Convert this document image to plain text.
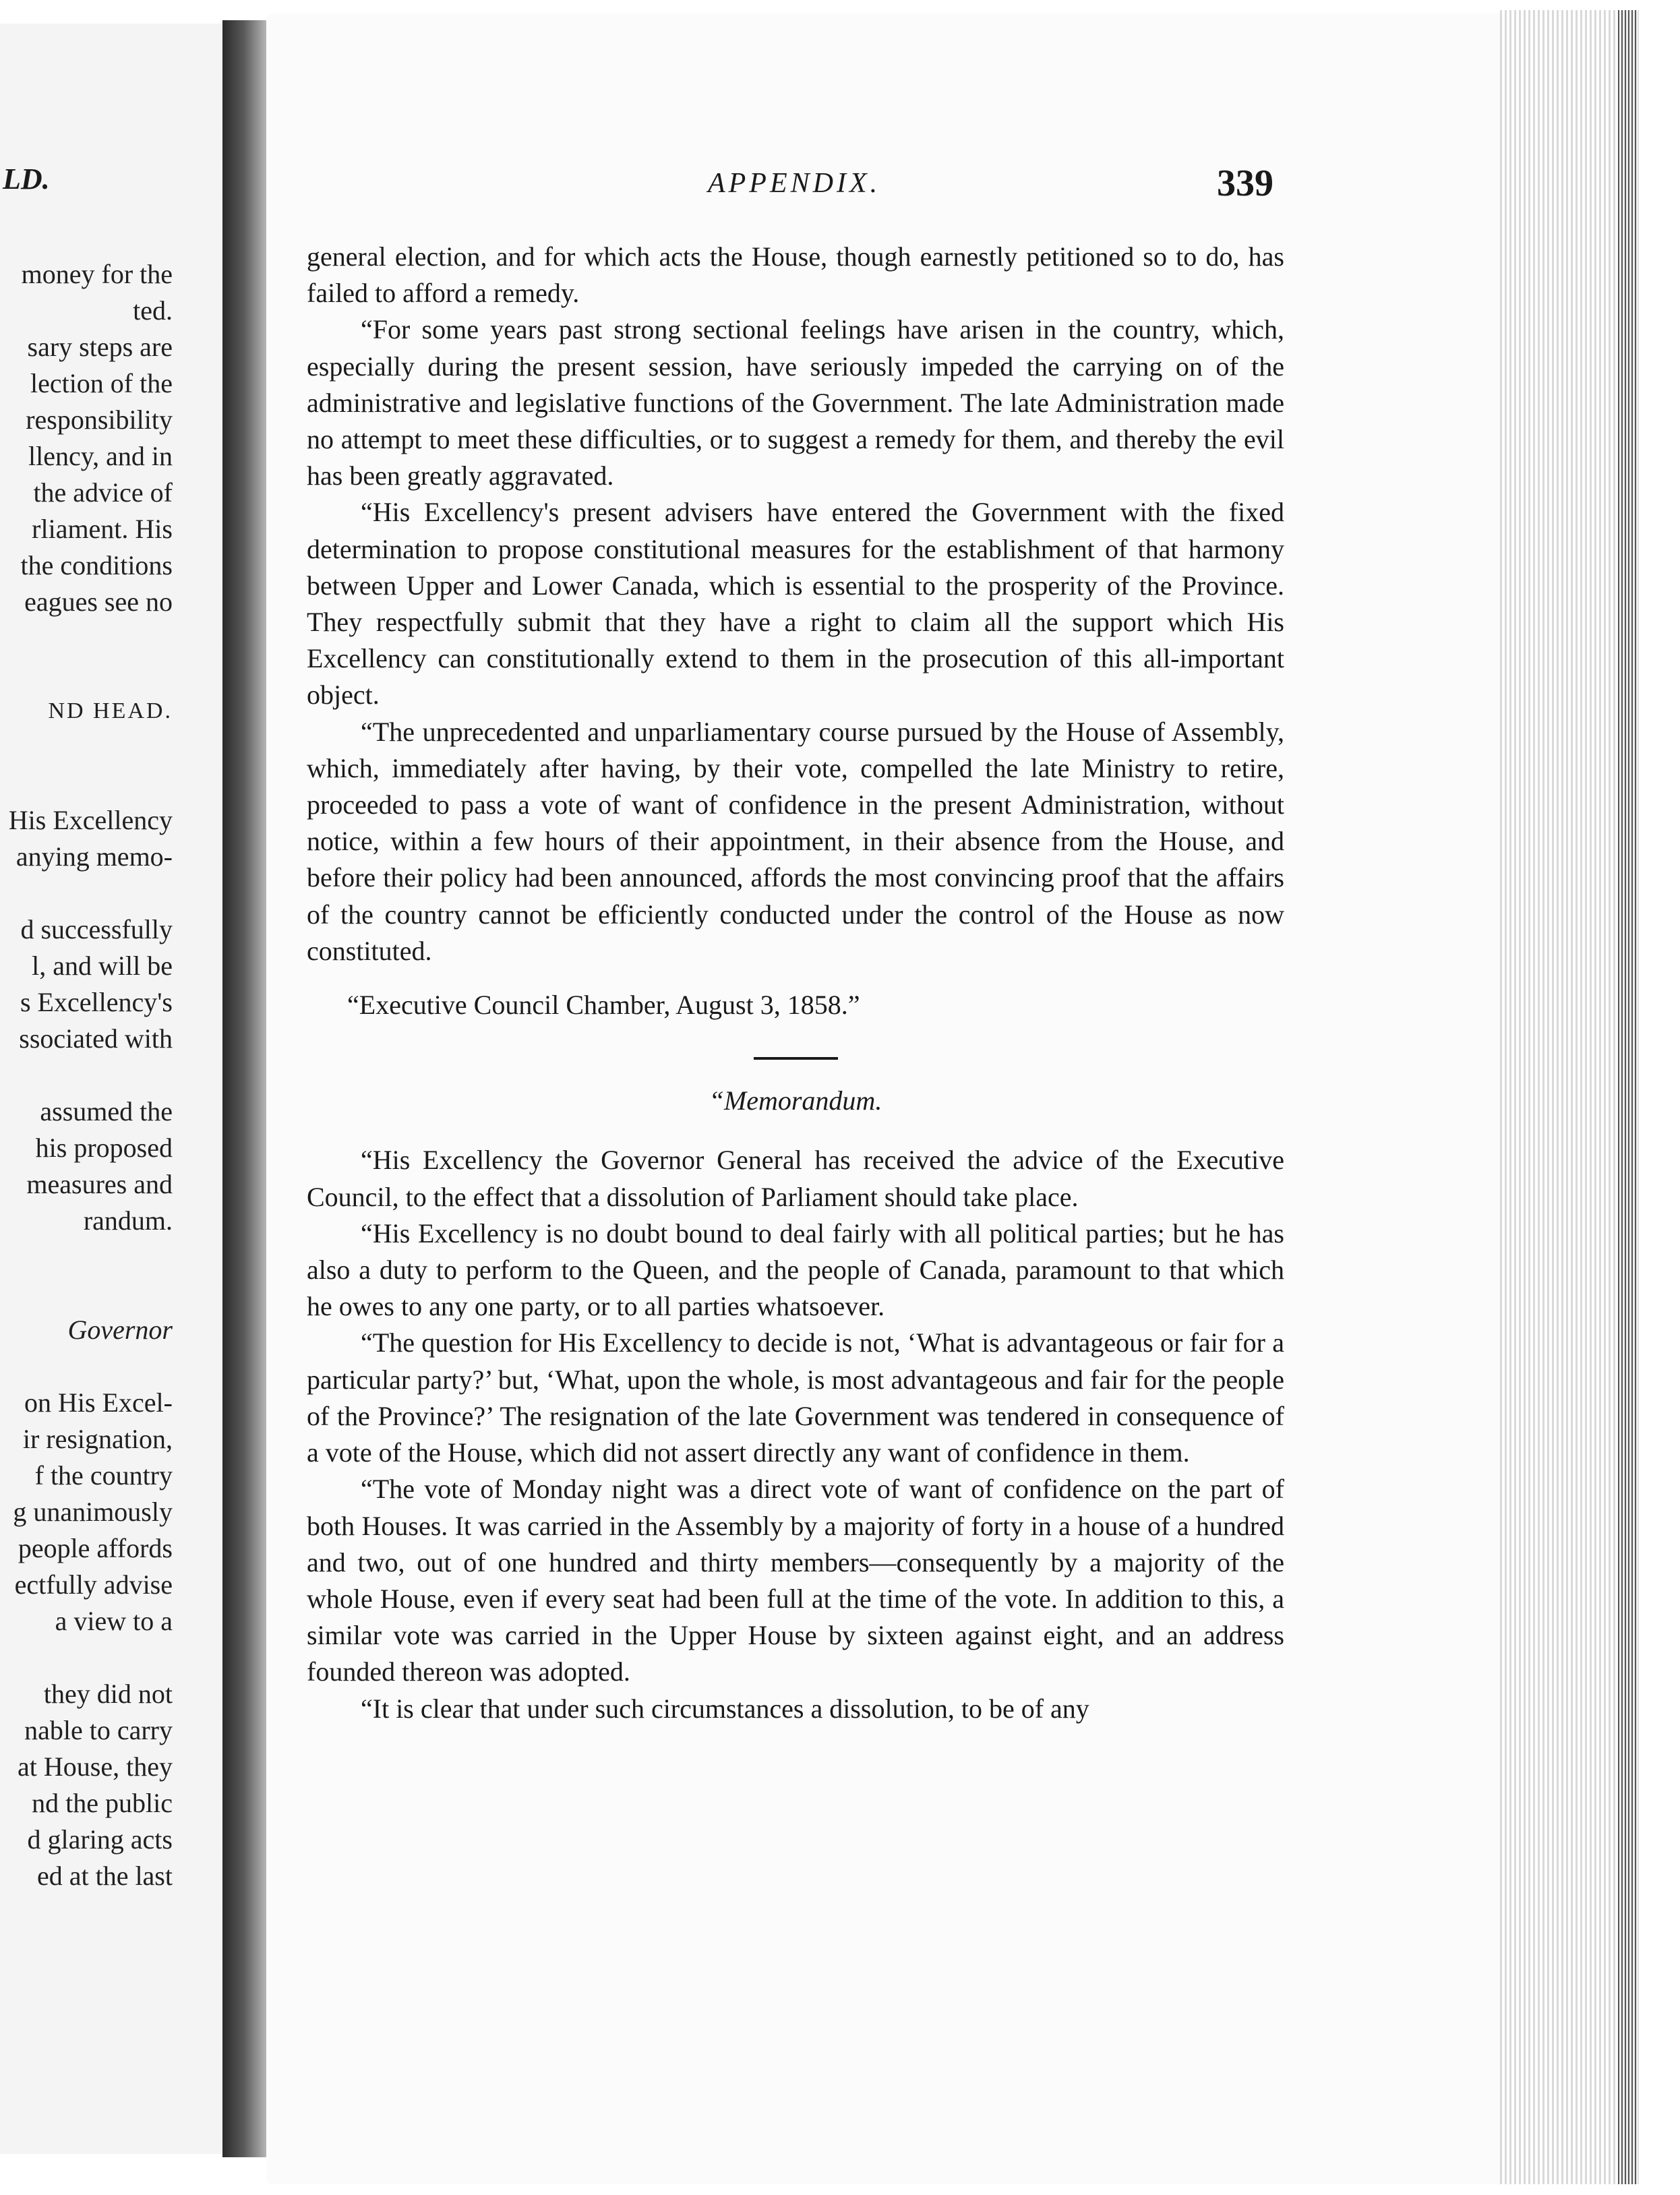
LD.
money for the
ted.
sary steps are
lection of the
responsibility
llency, and in
the advice of
rliament. His
the conditions
eagues see no
ND HEAD.
His Excellency
anying memo-
d successfully
l, and will be
s Excellency's
ssociated with
assumed the
his proposed
measures and
randum.
Governor
on His Excel-
ir resignation,
f the country
g unanimously
people affords
ectfully advise
a view to a
they did not
nable to carry
at House, they
nd the public
d glaring acts
ed at the last
APPENDIX.	339

general election, and for which acts the House, though earnestly petitioned so to do, has failed to afford a remedy.

“For some years past strong sectional feelings have arisen in the country, which, especially during the present session, have seriously impeded the carrying on of the administrative and legislative functions of the Government. The late Administration made no attempt to meet these difficulties, or to suggest a remedy for them, and thereby the evil has been greatly aggravated.

“His Excellency's present advisers have entered the Government with the fixed determination to propose constitutional measures for the establishment of that harmony between Upper and Lower Canada, which is essential to the prosperity of the Province. They respectfully submit that they have a right to claim all the support which His Excellency can constitutionally extend to them in the prosecution of this all-important object.

“The unprecedented and unparliamentary course pursued by the House of Assembly, which, immediately after having, by their vote, compelled the late Ministry to retire, proceeded to pass a vote of want of confidence in the present Administration, without notice, within a few hours of their appointment, in their absence from the House, and before their policy had been announced, affords the most convincing proof that the affairs of the country cannot be efficiently conducted under the control of the House as now constituted.

“Executive Council Chamber, August 3, 1858.”

“Memorandum.

“His Excellency the Governor General has received the advice of the Executive Council, to the effect that a dissolution of Parliament should take place.

“His Excellency is no doubt bound to deal fairly with all political parties; but he has also a duty to perform to the Queen, and the people of Canada, paramount to that which he owes to any one party, or to all parties whatsoever.

“The question for His Excellency to decide is not, ‘What is advantageous or fair for a particular party?’ but, ‘What, upon the whole, is most advantageous and fair for the people of the Province?’ The resignation of the late Government was tendered in consequence of a vote of the House, which did not assert directly any want of confidence in them.

“The vote of Monday night was a direct vote of want of confidence on the part of both Houses. It was carried in the Assembly by a majority of forty in a house of a hundred and two, out of one hundred and thirty members—consequently by a majority of the whole House, even if every seat had been full at the time of the vote. In addition to this, a similar vote was carried in the Upper House by sixteen against eight, and an address founded thereon was adopted.

“It is clear that under such circumstances a dissolution, to be of any
